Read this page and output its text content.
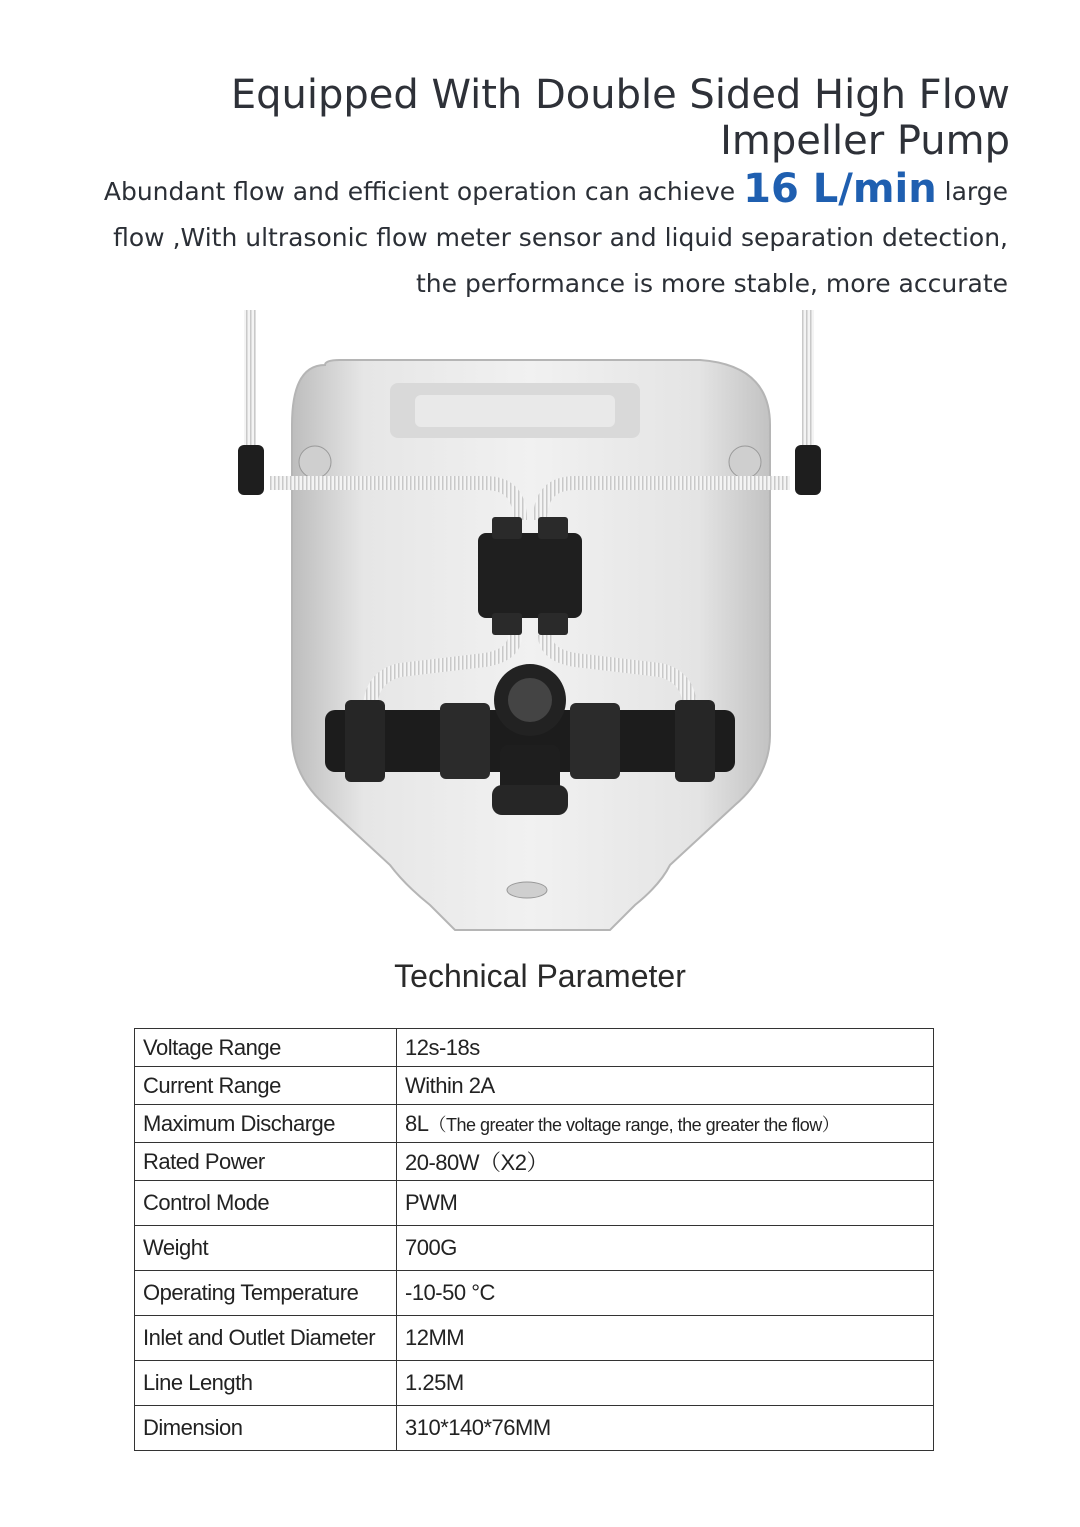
Equipped With Double Sided High Flow Impeller Pump
Abundant flow and efficient operation can achieve 16 L/min large flow ,With ultrasonic flow meter sensor and liquid separation detection, the performance is more stable, more accurate
Technical Parameter
Voltage Range	12s-18s
Current Range	Within 2A
Maximum Discharge	8L（The greater the voltage range, the greater the flow）
Rated Power	20-80W（X2）
Control Mode	PWM
Weight	700G
Operating Temperature	-10-50 °C
Inlet and Outlet Diameter	12MM
Line Length	1.25M
Dimension	310*140*76MM
